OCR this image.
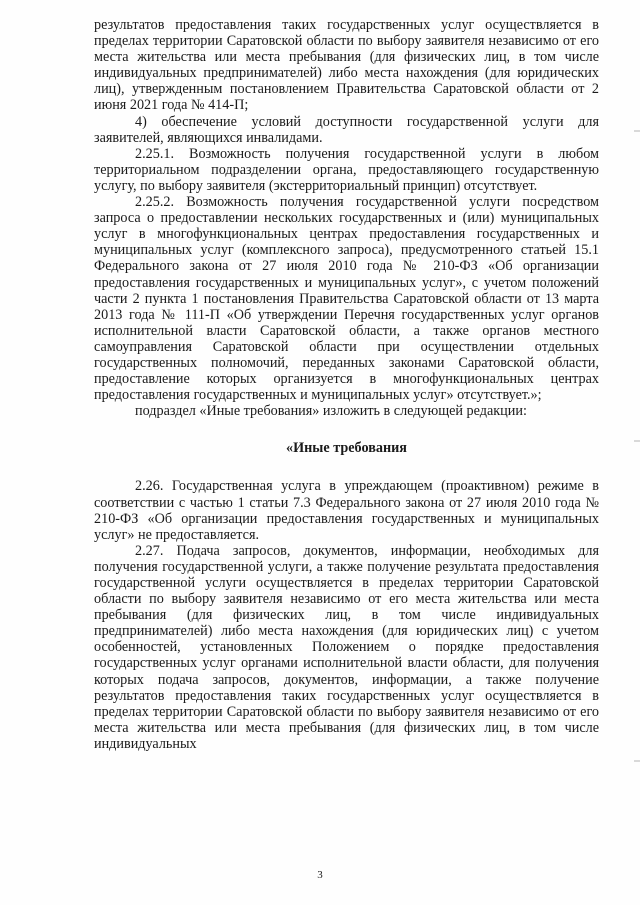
результатов предоставления таких государственных услуг осуществляется в пределах территории Саратовской области по выбору заявителя независимо от его места жительства или места пребывания (для физических лиц, в том числе индивидуальных предпринимателей) либо места нахождения (для юридических лиц), утвержденным постановлением Правительства Саратовской области от 2 июня 2021 года № 414-П;

4) обеспечение условий доступности государственной услуги для заявителей, являющихся инвалидами.

2.25.1. Возможность получения государственной услуги в любом территориальном подразделении органа, предоставляющего государственную услугу, по выбору заявителя (экстерриториальный принцип) отсутствует.

2.25.2. Возможность получения государственной услуги посредством запроса о предоставлении нескольких государственных и (или) муниципальных услуг в многофункциональных центрах предоставления государственных и муниципальных услуг (комплексного запроса), предусмотренного статьей 15.1 Федерального закона от 27 июля 2010 года № 210-ФЗ «Об организации предоставления государственных и муниципальных услуг», с учетом положений части 2 пункта 1 постановления Правительства Саратовской области от 13 марта 2013 года № 111-П «Об утверждении Перечня государственных услуг органов исполнительной власти Саратовской области, а также органов местного самоуправления Саратовской области при осуществлении отдельных государственных полномочий, переданных законами Саратовской области, предоставление которых организуется в многофункциональных центрах предоставления государственных и муниципальных услуг» отсутствует.»;

подраздел «Иные требования» изложить в следующей редакции:

«Иные требования

2.26. Государственная услуга в упреждающем (проактивном) режиме в соответствии с частью 1 статьи 7.3 Федерального закона от 27 июля 2010 года № 210-ФЗ «Об организации предоставления государственных и муниципальных услуг» не предоставляется.

2.27. Подача запросов, документов, информации, необходимых для получения государственной услуги, а также получение результата предоставления государственной услуги осуществляется в пределах территории Саратовской области по выбору заявителя независимо от его места жительства или места пребывания (для физических лиц, в том числе индивидуальных предпринимателей) либо места нахождения (для юридических лиц) с учетом особенностей, установленных Положением о порядке предоставления государственных услуг органами исполнительной власти области, для получения которых подача запросов, документов, информации, а также получение результатов предоставления таких государственных услуг осуществляется в пределах территории Саратовской области по выбору заявителя независимо от его места жительства или места пребывания (для физических лиц, в том числе индивидуальных

3
